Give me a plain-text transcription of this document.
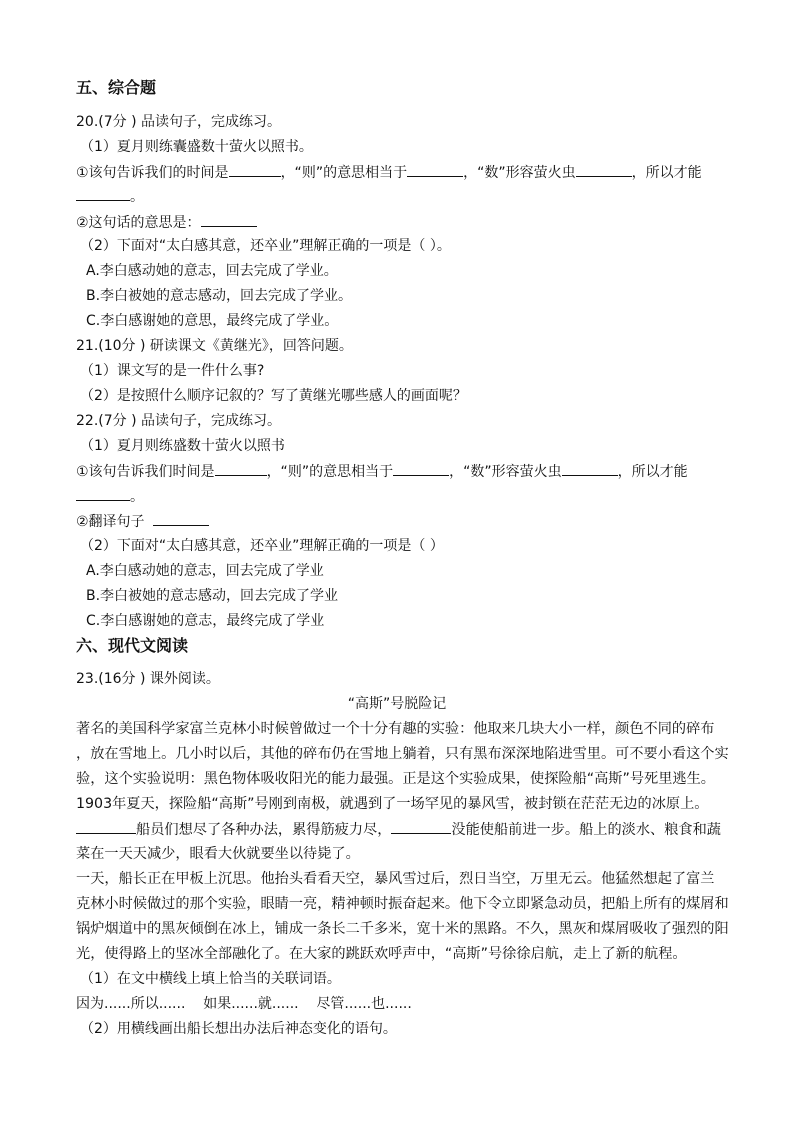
五、综合题
20.(7分 ) 品读句子，完成练习。
（1）夏月则练囊盛数十萤火以照书。
①该句告诉我们的时间是	，“则”的意思相当于	，“数”形容萤火虫	，所以才能
。
②这句话的意思是：
（2）下面对“太白感其意，还卒业”理解正确的一项是（ ）。
A.李白感动她的意志，回去完成了学业。
B.李白被她的意志感动，回去完成了学业。
C.李白感谢她的意思，最终完成了学业。
21.(10分 ) 研读课文《黄继光》，回答问题。
（1）课文写的是一件什么事?
（2）是按照什么顺序记叙的？写了黄继光哪些感人的画面呢？
22.(7分 ) 品读句子，完成练习。
（1）夏月则练盛数十萤火以照书
①该句告诉我们时间是	，“则”的意思相当于	，“数”形容萤火虫	，所以才能
。
②翻译句子
（2）下面对“太白感其意，还卒业”理解正确的一项是（ ）
A.李白感动她的意志，回去完成了学业
B.李白被她的意志感动，回去完成了学业
C.李白感谢她的意志，最终完成了学业
六、现代文阅读
23.(16分 ) 课外阅读。
“高斯”号脱险记
著名的美国科学家富兰克林小时候曾做过一个十分有趣的实验：他取来几块大小一样，颜色不同的碎布
，放在雪地上。几小时以后，其他的碎布仍在雪地上躺着，只有黑布深深地陷进雪里。可不要小看这个实
验，这个实验说明：黑色物体吸收阳光的能力最强。正是这个实验成果，使探险船“高斯”号死里逃生。
1903年夏天，探险船“高斯”号刚到南极，就遇到了一场罕见的暴风雪，被封锁在茫茫无边的冰原上。
船员们想尽了各种办法，累得筋疲力尽，	没能使船前进一步。船上的淡水、粮食和蔬
菜在一天天减少，眼看大伙就要坐以待毙了。
一天，船长正在甲板上沉思。他抬头看看天空，暴风雪过后，烈日当空，万里无云。他猛然想起了富兰
克林小时候做过的那个实验，眼睛一亮，精神顿时振奋起来。他下令立即紧急动员，把船上所有的煤屑和
锅炉烟道中的黑灰倾倒在冰上，铺成一条长二千多米，宽十米的黑路。不久，黑灰和煤屑吸收了强烈的阳
光，使得路上的坚冰全部融化了。在大家的跳跃欢呼声中，“高斯”号徐徐启航，走上了新的航程。
（1）在文中横线上填上恰当的关联词语。
因为......所以......    如果......就......    尽管......也......
（2）用横线画出船长想出办法后神态变化的语句。
